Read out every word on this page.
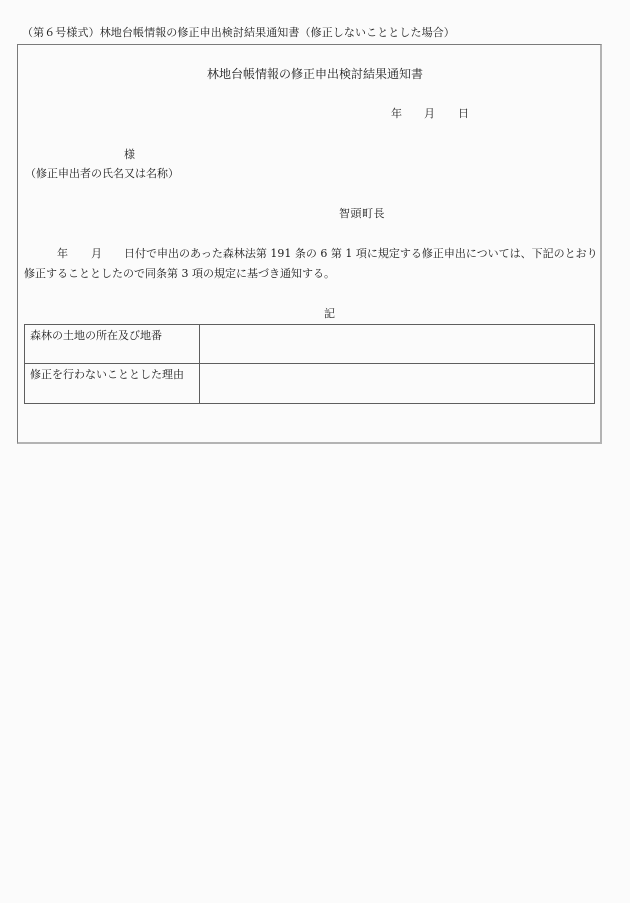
（第６号様式）林地台帳情報の修正申出検討結果通知書（修正しないこととした場合）
林地台帳情報の修正申出検討結果通知書
年 月 日
様
（修正申出者の氏名又は名称）
智頭町長
年 月 日付で申出のあった森林法第 191 条の 6 第 1 項に規定する修正申出については、下記のとおり
修正することとしたので同条第 3 項の規定に基づき通知する。
記
森林の土地の所在及び地番	
修正を行わないこととした理由	
